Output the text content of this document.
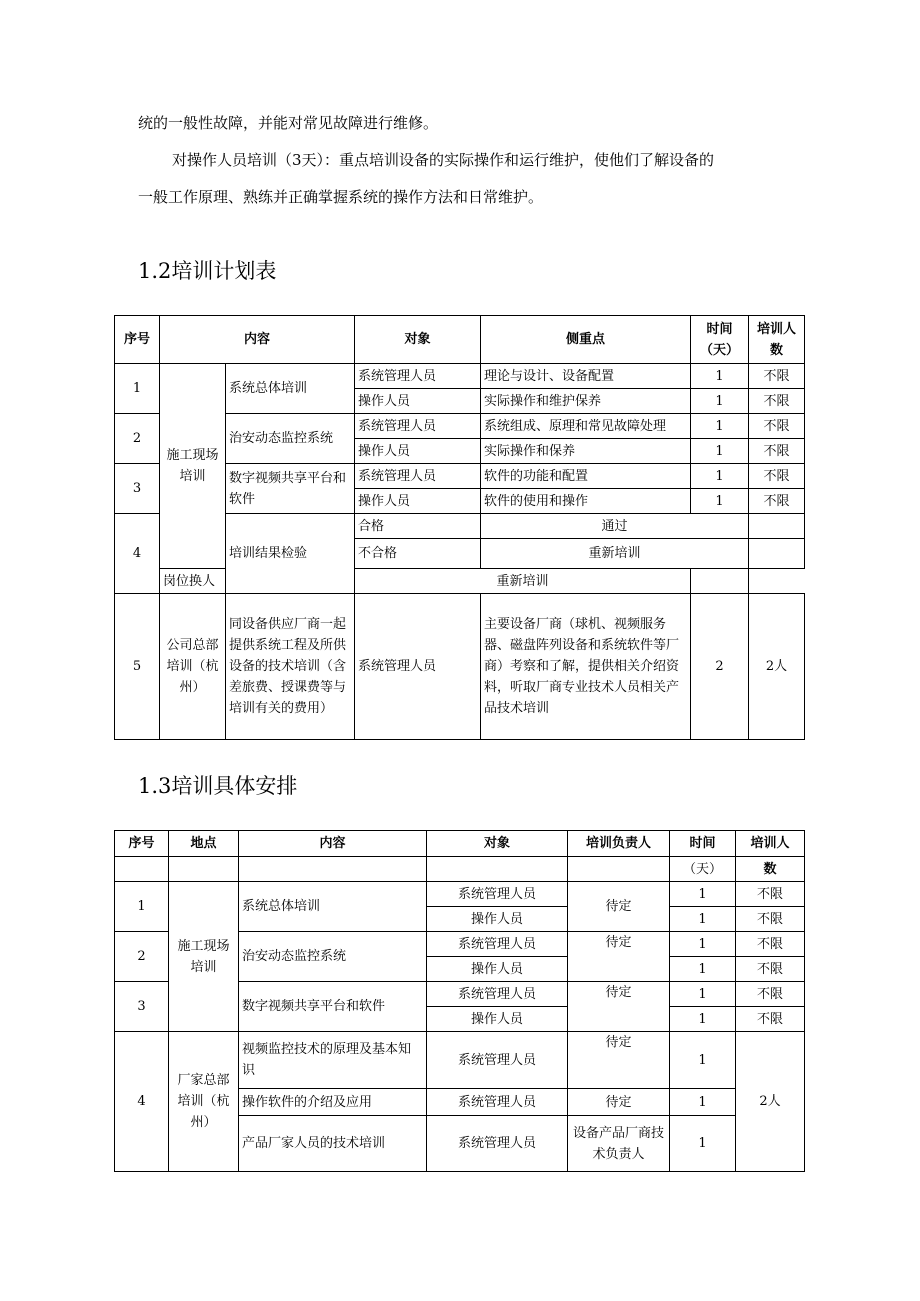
统的一般性故障，并能对常见故障进行维修。
对操作人员培训（3天）：重点培训设备的实际操作和运行维护，使他们了解设备的
一般工作原理、熟练并正确掌握系统的操作方法和日常维护。
1.2培训计划表
序号	内容		对象	侧重点	时间（天）	培训人数
1	施工现场培训	系统总体培训	系统管理人员	理论与设计、设备配置	1	不限
			操作人员	实际操作和维护保养	1	不限
2		治安动态监控系统	系统管理人员	系统组成、原理和常见故障处理	1	不限
			操作人员	实际操作和保养	1	不限
3		数字视频共享平台和软件	系统管理人员	软件的功能和配置	1	不限
			操作人员	软件的使用和操作	1	不限
4		培训结果检验	合格	通过		
			不合格	重新培训		
	岗位换人		重新培训			
5	公司总部培训（杭州）	同设备供应厂商一起提供系统工程及所供设备的技术培训（含差旅费、授课费等与培训有关的费用）	系统管理人员	主要设备厂商（球机、视频服务器、磁盘阵列设备和系统软件等厂商）考察和了解，提供相关介绍资料，听取厂商专业技术人员相关产品技术培训	2	2人
1.3培训具体安排
序号	地点	内容	对象	培训负责人	时间	培训人
					（天）	数
1	施工现场培训	系统总体培训	系统管理人员	待定	1	不限
			操作人员		1	不限
2		治安动态监控系统	系统管理人员	待定	1	不限
			操作人员		1	不限
3		数字视频共享平台和软件	系统管理人员	待定	1	不限
			操作人员		1	不限
4	厂家总部培训（杭州）	视频监控技术的原理及基本知识	系统管理人员	待定	1	2人
		操作软件的介绍及应用	系统管理人员	待定	1	
		产品厂家人员的技术培训	系统管理人员	设备产品厂商技术负责人	1	
